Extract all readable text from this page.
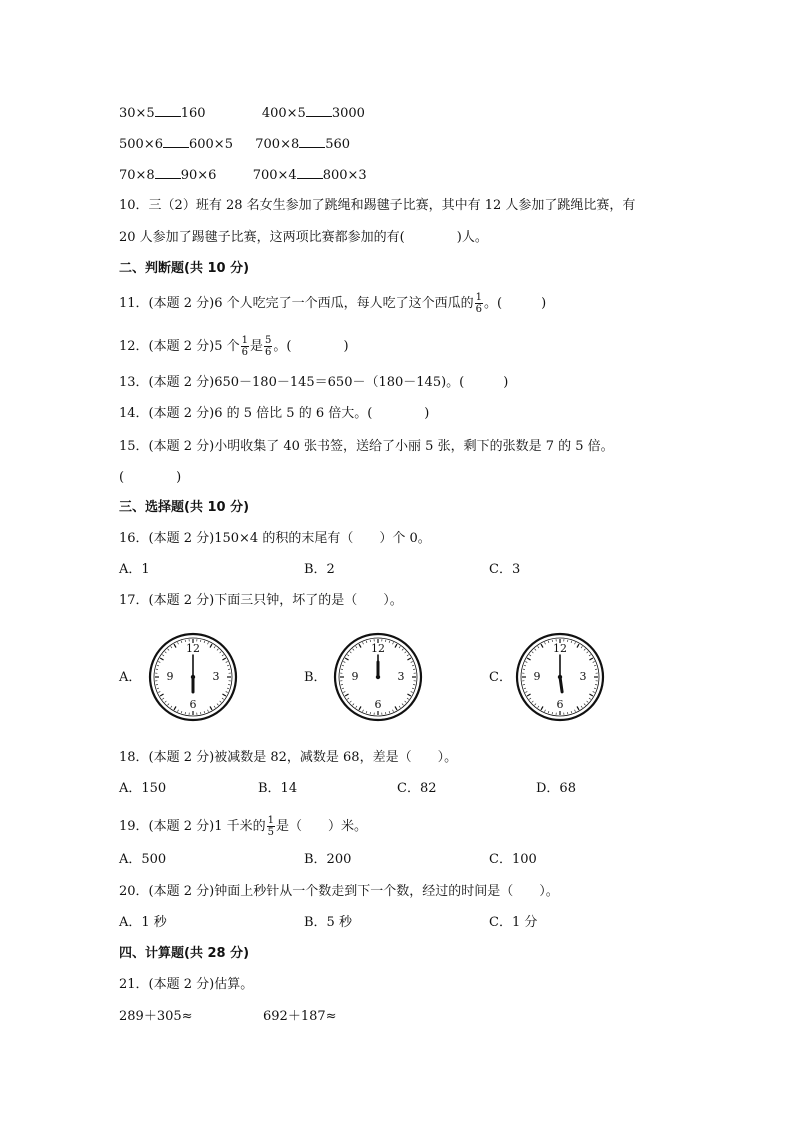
30×5 160	400×5 3000
500×6 600×5 700×8 560
70×8 90×6	700×4 800×3
10．三（2）班有 28 名女生参加了跳绳和踢毽子比赛，其中有 12 人参加了跳绳比赛，有
20 人参加了踢毽子比赛，这两项比赛都参加的有(　　　　)人。
二、判断题(共 10 分)
11．(本题 2 分)6 个人吃完了一个西瓜，每人吃了这个西瓜的 $\frac{1}{6}$ 。(　　　)
12．(本题 2 分)5 个 $\frac{1}{6}$ 是 $\frac{5}{6}$ 。(　　　　)
13．(本题 2 分)650－180－145＝650－（180－145)。(　　　)
14．(本题 2 分)6 的 5 倍比 5 的 6 倍大。(　　　　)
15．(本题 2 分)小明收集了 40 张书签，送给了小丽 5 张，剩下的张数是 7 的 5 倍。
(　　　　)
三、选择题(共 10 分)
16．(本题 2 分)150×4 的积的末尾有（　　）个 0。
A．1	B．2	C．3
17．(本题 2 分)下面三只钟，坏了的是（　　）。
A．	B．	C．
12
3
6
9
12
3
6
9
12
3
6
9
18．(本题 2 分)被减数是 82，减数是 68，差是（　　）。
A．150	B．14	C．82	D．68
19．(本题 2 分)1 千米的 $\frac{1}{5}$ 是（　　）米。
A．500	B．200	C．100
20．(本题 2 分)钟面上秒针从一个数走到下一个数，经过的时间是（　　）。
A．1 秒	B．5 秒	C．1 分
四、计算题(共 28 分)
21．(本题 2 分)估算。
289＋305≈	692＋187≈
